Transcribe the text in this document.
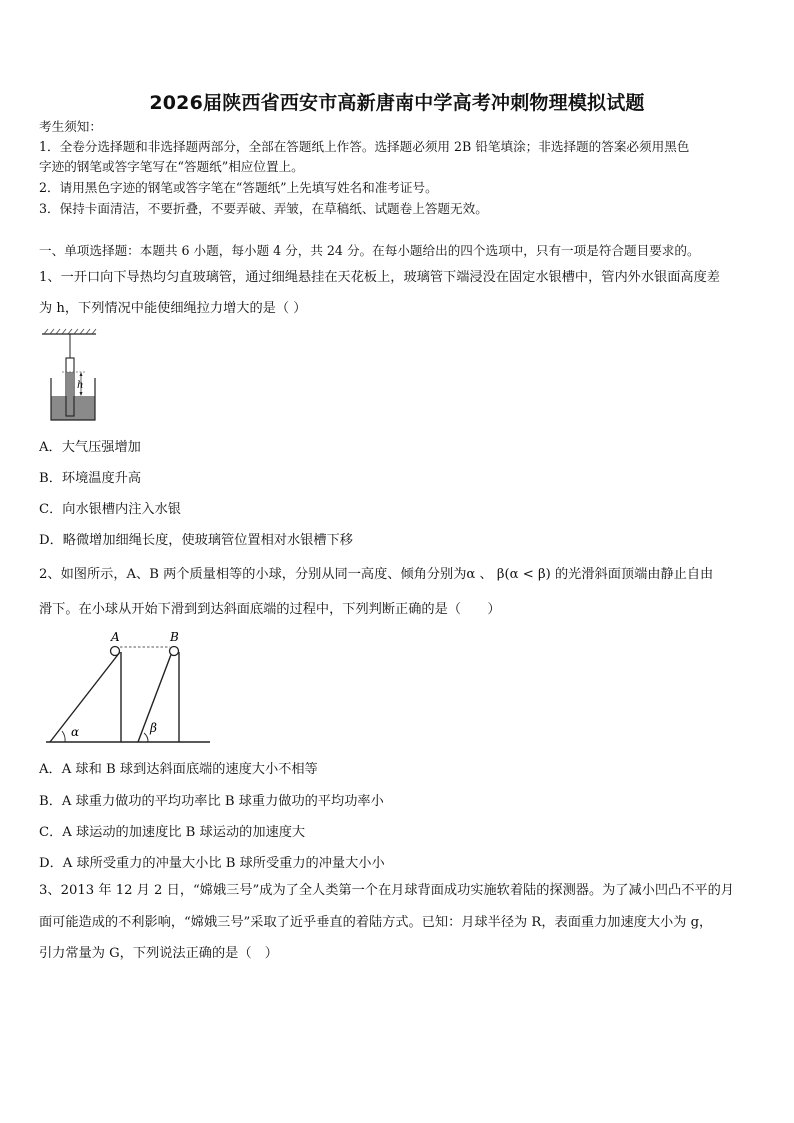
2026届陕西省西安市高新唐南中学高考冲刺物理模拟试题
考生须知：
1．全卷分选择题和非选择题两部分，全部在答题纸上作答。选择题必须用 2B 铅笔填涂；非选择题的答案必须用黑色
字迹的钢笔或答字笔写在“答题纸”相应位置上。
2．请用黑色字迹的钢笔或答字笔在“答题纸”上先填写姓名和准考证号。
3．保持卡面清洁，不要折叠，不要弄破、弄皱，在草稿纸、试题卷上答题无效。
一、单项选择题：本题共 6 小题，每小题 4 分，共 24 分。在每小题给出的四个选项中，只有一项是符合题目要求的。
1、一开口向下导热均匀直玻璃管，通过细绳悬挂在天花板上，玻璃管下端浸没在固定水银槽中，管内外水银面高度差
为 h，下列情况中能使细绳拉力增大的是（ ）
h
A．大气压强增加
B．环境温度升高
C．向水银槽内注入水银
D．略微增加细绳长度，使玻璃管位置相对水银槽下移
2、如图所示，A、B 两个质量相等的小球，分别从同一高度、倾角分别为α 、 β(α < β) 的光滑斜面顶端由静止自由
滑下。在小球从开始下滑到到达斜面底端的过程中，下列判断正确的是（　　）
A	B
α	β
A．A 球和 B 球到达斜面底端的速度大小不相等
B．A 球重力做功的平均功率比 B 球重力做功的平均功率小
C．A 球运动的加速度比 B 球运动的加速度大
D．A 球所受重力的冲量大小比 B 球所受重力的冲量大小小
3、2013 年 12 月 2 日，“嫦娥三号”成为了全人类第一个在月球背面成功实施软着陆的探测器。为了减小凹凸不平的月
面可能造成的不利影响，“嫦娥三号”采取了近乎垂直的着陆方式。已知：月球半径为 R，表面重力加速度大小为 g，
引力常量为 G，下列说法正确的是（　）
